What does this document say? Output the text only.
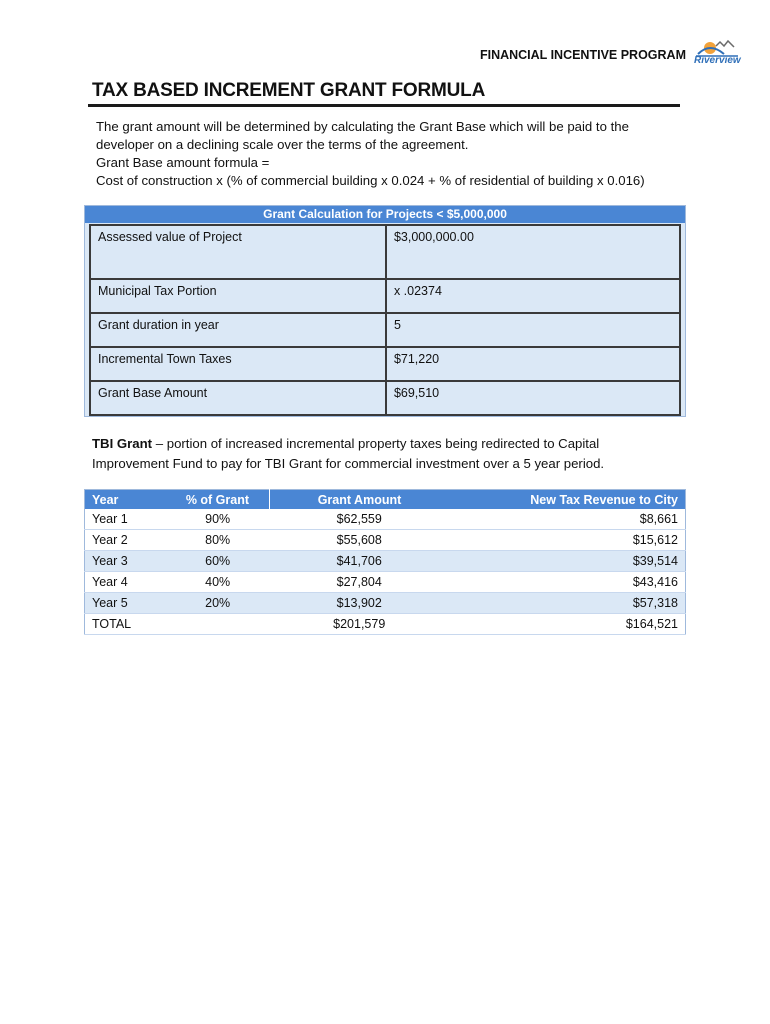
FINANCIAL INCENTIVE PROGRAM Riverview
TAX BASED INCREMENT GRANT FORMULA
The grant amount will be determined by calculating the Grant Base which will be paid to the
developer on a declining scale over the terms of the agreement.
Grant Base amount formula =
Cost of construction x (% of commercial building x 0.024 + % of residential of building x 0.016)
Grant Calculation for Projects < $5,000,000
Assessed value of Project	$3,000,000.00
Municipal Tax Portion	x .02374
Grant duration in year	5
Incremental Town Taxes	$71,220
Grant Base Amount	$69,510
TBI Grant – portion of increased incremental property taxes being redirected to Capital
Improvement Fund to pay for TBI Grant for commercial investment over a 5 year period.
Year	% of Grant	Grant Amount	New Tax Revenue to City
Year 1	90%	$62,559	$8,661
Year 2	80%	$55,608	$15,612
Year 3	60%	$41,706	$39,514
Year 4	40%	$27,804	$43,416
Year 5	20%	$13,902	$57,318
TOTAL		$201,579	$164,521
